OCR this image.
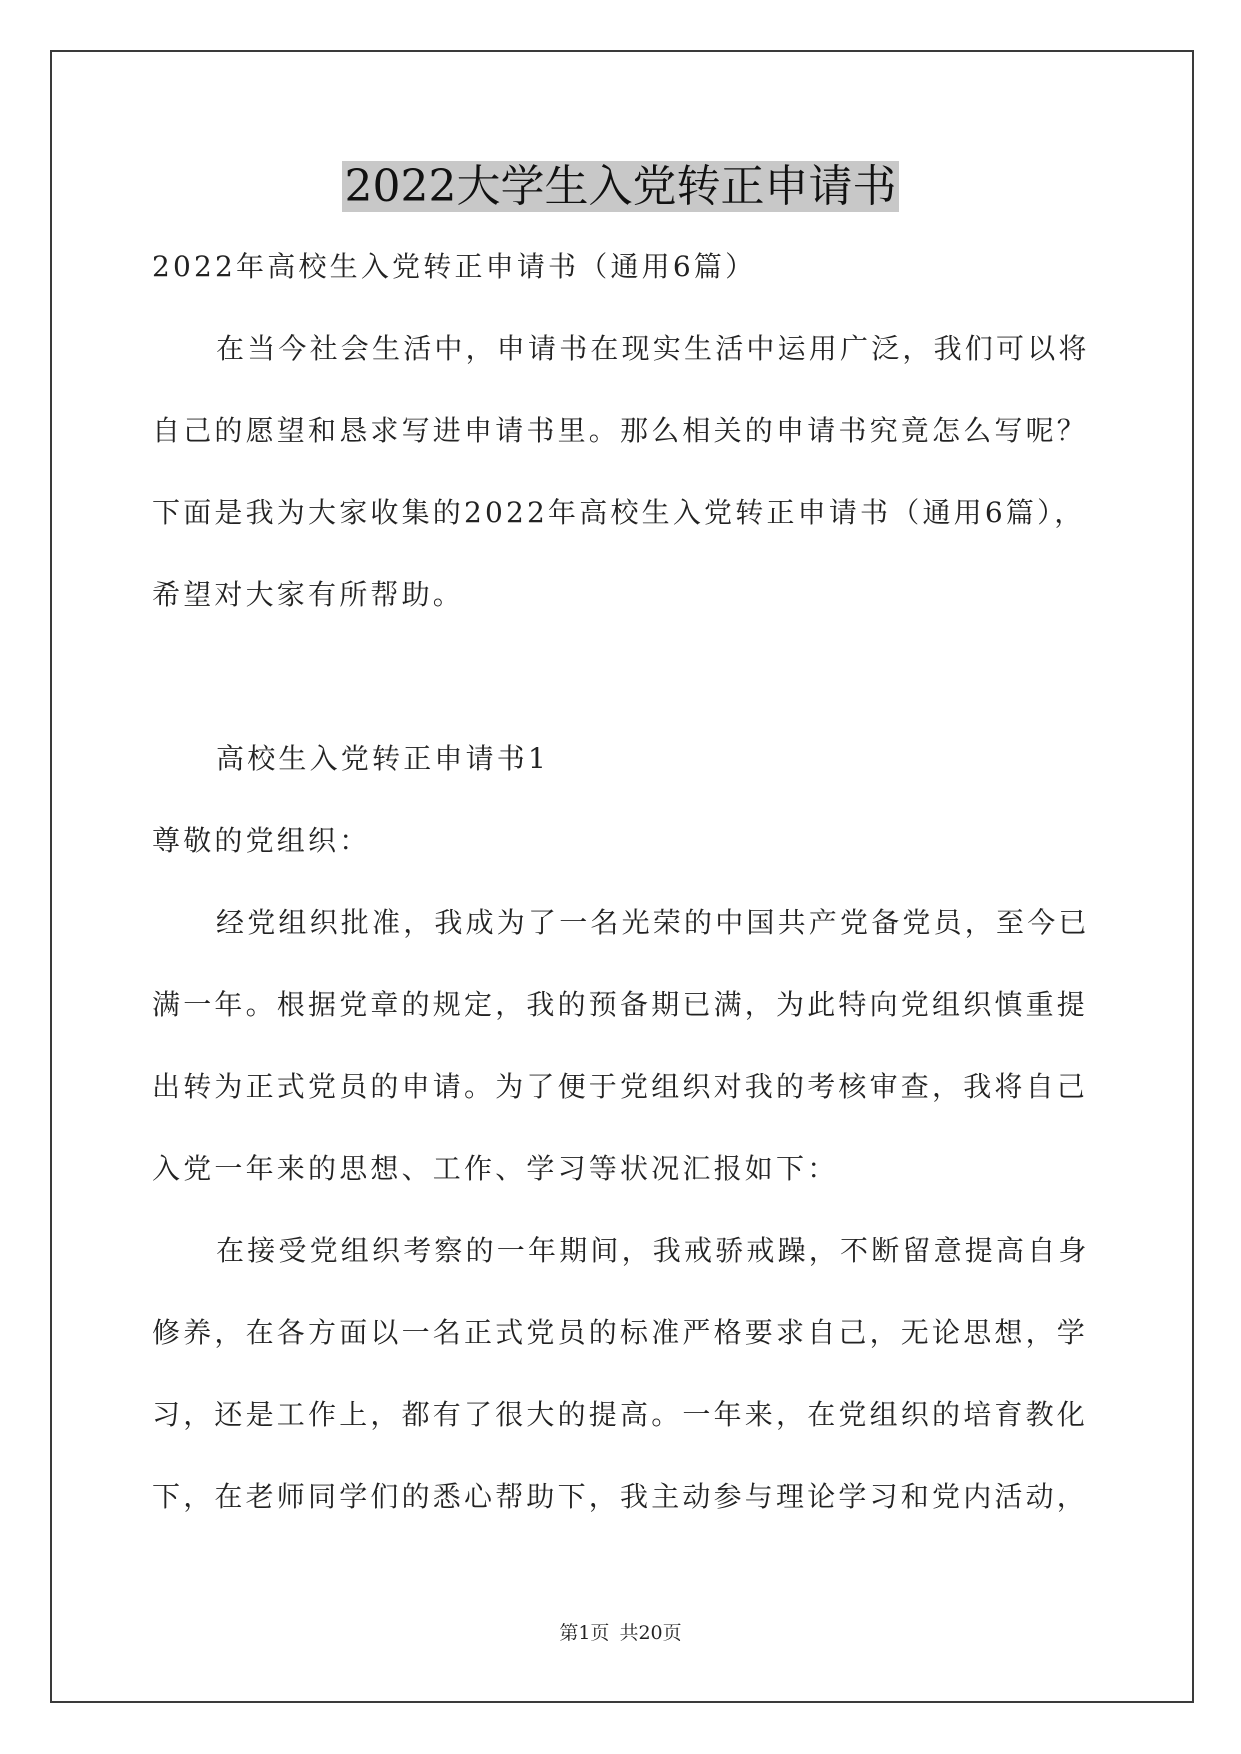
2022大学生入党转正申请书
2022年高校生入党转正申请书（通用6篇）
在当今社会生活中，申请书在现实生活中运用广泛，我们可以将
自己的愿望和恳求写进申请书里。那么相关的申请书究竟怎么写呢？
下面是我为大家收集的2022年高校生入党转正申请书（通用6篇），
希望对大家有所帮助。
高校生入党转正申请书1
尊敬的党组织：
经党组织批准，我成为了一名光荣的中国共产党备党员，至今已
满一年。根据党章的规定，我的预备期已满，为此特向党组织慎重提
出转为正式党员的申请。为了便于党组织对我的考核审查，我将自己
入党一年来的思想、工作、学习等状况汇报如下：
在接受党组织考察的一年期间，我戒骄戒躁，不断留意提高自身
修养，在各方面以一名正式党员的标准严格要求自己，无论思想，学
习，还是工作上，都有了很大的提高。一年来，在党组织的培育教化
下，在老师同学们的悉心帮助下，我主动参与理论学习和党内活动，
第1页 共20页
